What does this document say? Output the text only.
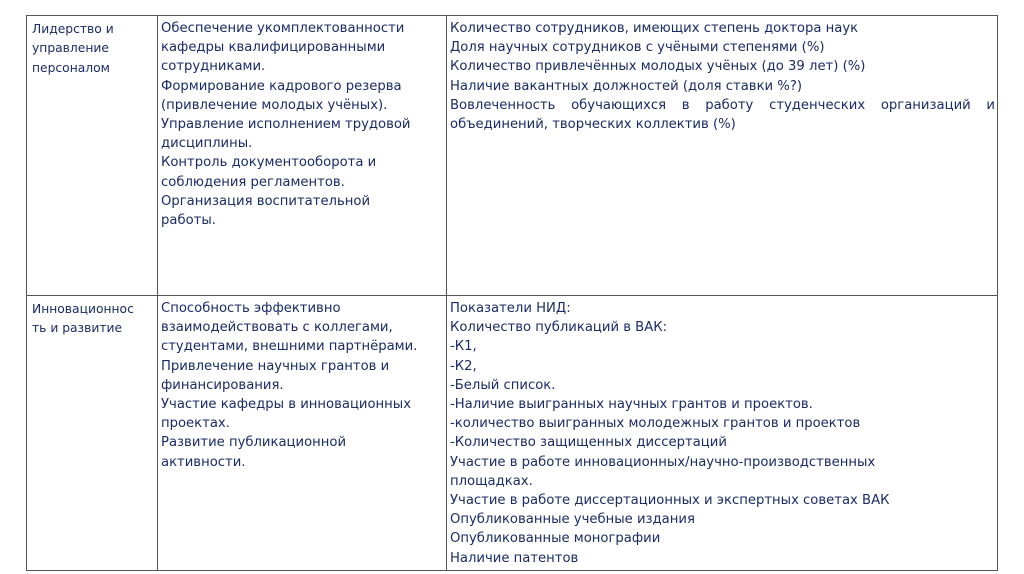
Лидерство и
управление
персоналом
Обеспечение укомплектованности
кафедры квалифицированными
сотрудниками.
Формирование кадрового резерва
(привлечение молодых учёных).
Управление исполнением трудовой
дисциплины.
Контроль документооборота и
соблюдения регламентов.
Организация воспитательной
работы.
Количество сотрудников, имеющих степень доктора наук
Доля научных сотрудников с учёными степенями (%)
Количество привлечённых молодых учёных (до 39 лет) (%)
Наличие вакантных должностей (доля ставки %?)
Вовлеченность обучающихся в работу студенческих организаций и
объединений, творческих коллектив (%)
Инновационнос
ть и развитие
Способность эффективно
взаимодействовать с коллегами,
студентами, внешними партнёрами.
Привлечение научных грантов и
финансирования.
Участие кафедры в инновационных
проектах.
Развитие публикационной
активности.
Показатели НИД:
Количество публикаций в ВАК:
-К1,
-К2,
-Белый список.
-Наличие выигранных научных грантов и проектов.
-количество выигранных молодежных грантов и проектов
-Количество защищенных диссертаций
Участие в работе инновационных/научно-производственных
площадках.
Участие в работе диссертационных и экспертных советах ВАК
Опубликованные учебные издания
Опубликованные монографии
Наличие патентов
